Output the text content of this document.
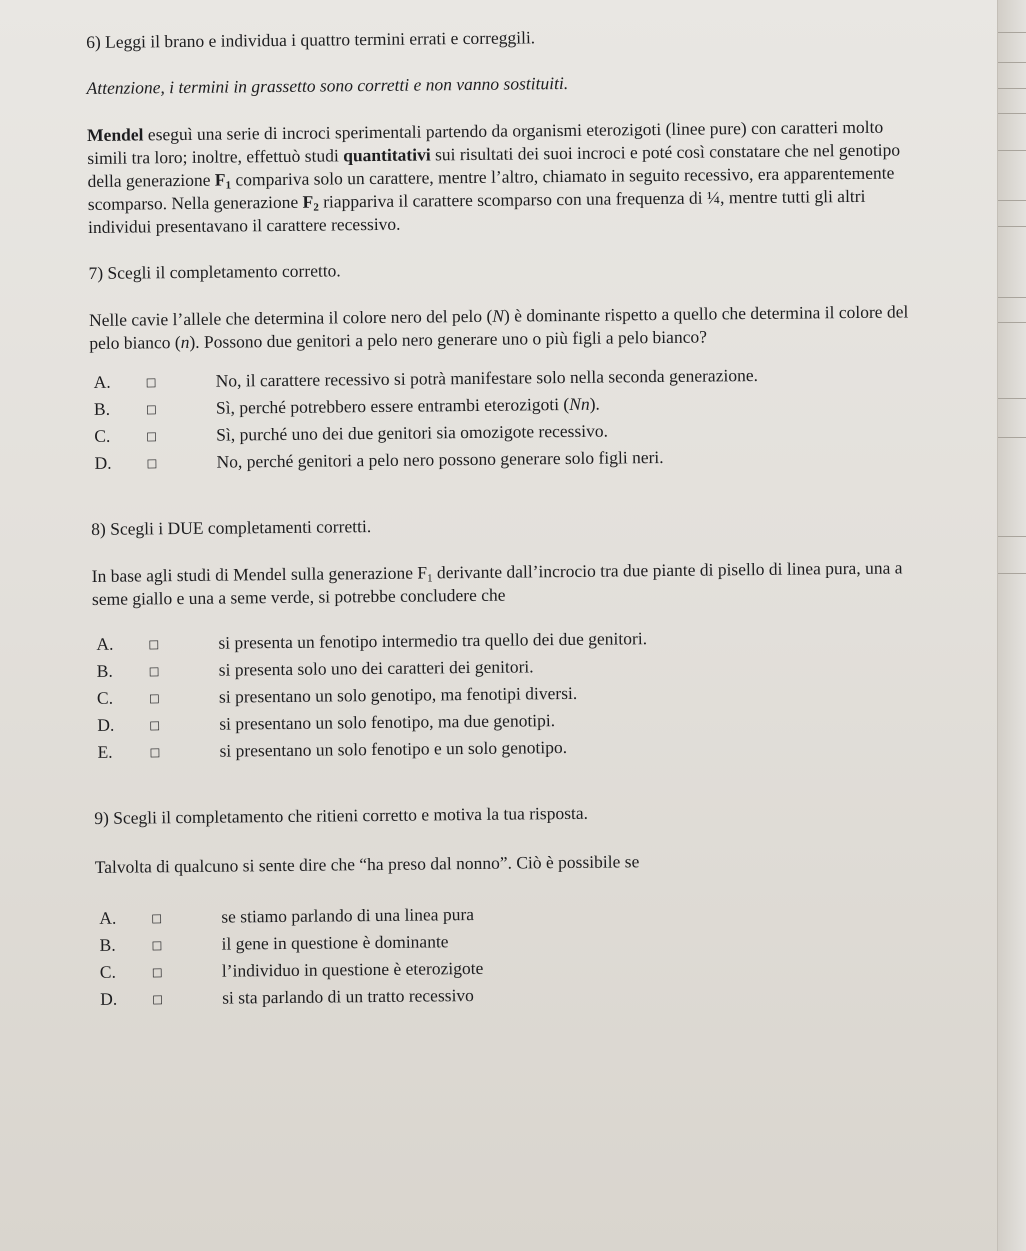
6) Leggi il brano e individua i quattro termini errati e correggili.

Attenzione, i termini in grassetto sono corretti e non vanno sostituiti.

Mendel eseguì una serie di incroci sperimentali partendo da organismi eterozigoti (linee pure) con caratteri molto simili tra loro; inoltre, effettuò studi quantitativi sui risultati dei suoi incroci e poté così constatare che nel genotipo della generazione $F_1$ compariva solo un carattere, mentre l’altro, chiamato in seguito recessivo, era apparentemente scomparso. Nella generazione $F_2$ riappariva il carattere scomparso con una frequenza di ¼, mentre tutti gli altri individui presentavano il carattere recessivo.

7) Scegli il completamento corretto.

Nelle cavie l’allele che determina il colore nero del pelo (N) è dominante rispetto a quello che determina il colore del pelo bianco (n). Possono due genitori a pelo nero generare uno o più figli a pelo bianco?

A.	☐	No, il carattere recessivo si potrà manifestare solo nella seconda generazione.
B.	☐	Sì, perché potrebbero essere entrambi eterozigoti (Nn).
C.	☐	Sì, purché uno dei due genitori sia omozigote recessivo.
D.	☐	No, perché genitori a pelo nero possono generare solo figli neri.

8) Scegli i DUE completamenti corretti.

In base agli studi di Mendel sulla generazione $F_1$ derivante dall’incrocio tra due piante di pisello di linea pura, una a seme giallo e una a seme verde, si potrebbe concludere che

A.	☐	si presenta un fenotipo intermedio tra quello dei due genitori.
B.	☐	si presenta solo uno dei caratteri dei genitori.
C.	☐	si presentano un solo genotipo, ma fenotipi diversi.
D.	☐	si presentano un solo fenotipo, ma due genotipi.
E.	☐	si presentano un solo fenotipo e un solo genotipo.

9) Scegli il completamento che ritieni corretto e motiva la tua risposta.

Talvolta di qualcuno si sente dire che “ha preso dal nonno”. Ciò è possibile se

A.	☐	se stiamo parlando di una linea pura
B.	☐	il gene in questione è dominante
C.	☐	l’individuo in questione è eterozigote
D.	☐	si sta parlando di un tratto recessivo
